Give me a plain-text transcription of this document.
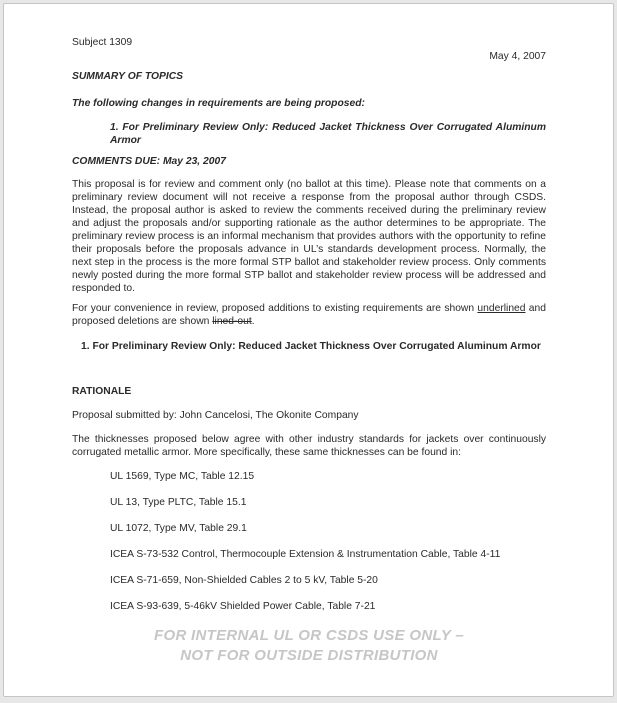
Subject 1309
May 4, 2007
SUMMARY OF TOPICS
The following changes in requirements are being proposed:
1. For Preliminary Review Only: Reduced Jacket Thickness Over Corrugated Aluminum Armor
COMMENTS DUE: May 23, 2007
This proposal is for review and comment only (no ballot at this time). Please note that comments on a preliminary review document will not receive a response from the proposal author through CSDS. Instead, the proposal author is asked to review the comments received during the preliminary review and adjust the proposals and/or supporting rationale as the author determines to be appropriate. The preliminary review process is an informal mechanism that provides authors with the opportunity to refine their proposals before the proposals advance in UL’s standards development process. Normally, the next step in the process is the more formal STP ballot and stakeholder review process. Only comments newly posted during the more formal STP ballot and stakeholder review process will be addressed and responded to.
For your convenience in review, proposed additions to existing requirements are shown underlined and proposed deletions are shown lined-out.
1. For Preliminary Review Only: Reduced Jacket Thickness Over Corrugated Aluminum Armor
RATIONALE
Proposal submitted by: John Cancelosi, The Okonite Company
The thicknesses proposed below agree with other industry standards for jackets over continuously corrugated metallic armor. More specifically, these same thicknesses can be found in:
UL 1569, Type MC, Table 12.15
UL 13, Type PLTC, Table 15.1
UL 1072, Type MV, Table 29.1
ICEA S-73-532 Control, Thermocouple Extension & Instrumentation Cable, Table 4-11
ICEA S-71-659, Non-Shielded Cables 2 to 5 kV, Table 5-20
ICEA S-93-639, 5-46kV Shielded Power Cable, Table 7-21
FOR INTERNAL UL OR CSDS USE ONLY –
NOT FOR OUTSIDE DISTRIBUTION
